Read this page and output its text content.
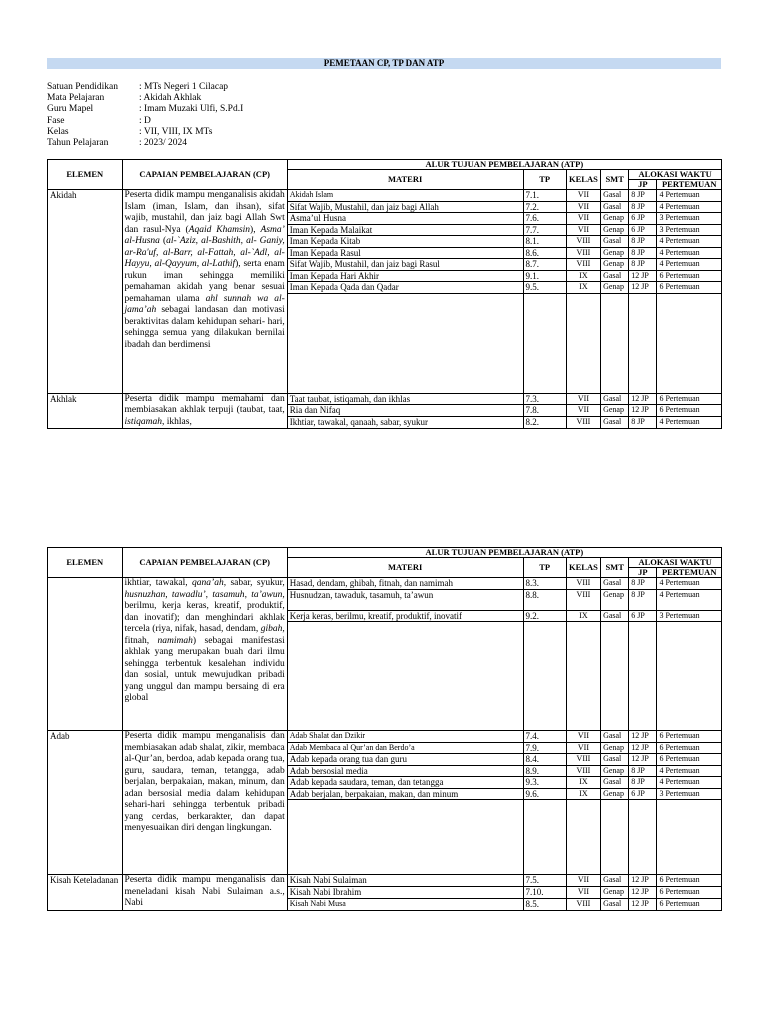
PEMETAAN CP, TP DAN ATP
Satuan Pendidikan	: MTs Negeri 1 Cilacap
Mata Pelajaran	: Akidah Akhlak
Guru Mapel	: Imam Muzaki Ulfi, S.Pd.I
Fase	: D
Kelas	: VII, VIII, IX MTs
Tahun Pelajaran	: 2023/ 2024
ELEMEN	CAPAIAN PEMBELAJARAN (CP)	ALUR TUJUAN PEMBELAJARAN (ATP)					
		MATERI	TP	KELAS	SMT	ALOKASI WAKTU	
						JP	PERTEMUAN
Akidah	Peserta didik mampu menganalisis akidah Islam (iman, Islam, dan ihsan), sifat wajib, mustahil, dan jaiz bagi Allah Swt dan rasul-Nya (Aqaid Khamsin), Asma’ al-Husna (al-`Aziz, al-Bashith, al- Ganiy, ar-Ra'uf, al-Barr, al-Fattah, al-`Adl, al-Hayyu, al-Qayyum, al-Lathif), serta enam rukun iman sehingga memiliki pemahaman akidah yang benar sesuai pemahaman ulama ahl sunnah wa al- jama’ah sebagai landasan dan motivasi beraktivitas dalam kehidupan sehari- hari, sehingga semua yang dilakukan bernilai ibadah dan berdimensi	Akidah Islam	7.1.	VII	Gasal	8 JP	4 Pertemuan
		Sifat Wajib, Mustahil, dan jaiz bagi Allah	7.2.	VII	Gasal	8 JP	4 Pertemuan
		Asma’ul Husna	7.6.	VII	Genap	6 JP	3 Pertemuan
		Iman Kepada Malaikat	7.7.	VII	Genap	6 JP	3 Pertemuan
		Iman Kepada Kitab	8.1.	VIII	Gasal	8 JP	4 Pertemuan
		Iman Kepada Rasul	8.6.	VIII	Genap	8 JP	4 Pertemuan
		Sifat Wajib, Mustahil, dan jaiz bagi Rasul	8.7.	VIII	Genap	8 JP	4 Pertemuan
		Iman Kepada Hari Akhir	9.1.	IX	Gasal	12 JP	6 Pertemuan
		Iman Kepada Qada dan Qadar	9.5.	IX	Genap	12 JP	6 Pertemuan

Akhlak	Peserta didik mampu memahami dan membiasakan akhlak terpuji (taubat, taat, istiqamah, ikhlas,	Taat taubat, istiqamah, dan ikhlas	7.3.	VII	Gasal	12 JP	6 Pertemuan
		Ria dan Nifaq	7.8.	VII	Genap	12 JP	6 Pertemuan
		Ikhtiar, tawakal, qanaah, sabar, syukur	8.2.	VIII	Gasal	8 JP	4 Pertemuan
ELEMEN	CAPAIAN PEMBELAJARAN (CP)	ALUR TUJUAN PEMBELAJARAN (ATP)					
		MATERI	TP	KELAS	SMT	ALOKASI WAKTU	
						JP	PERTEMUAN
	ikhtiar, tawakal, qana’ah, sabar, syukur, husnuzhan, tawadlu’, tasamuh, ta’awun, berilmu, kerja keras, kreatif, produktif, dan inovatif); dan menghindari akhlak tercela (riya, nifak, hasad, dendam, gibah, fitnah, namimah) sebagai manifestasi akhlak yang merupakan buah dari ilmu sehingga terbentuk kesalehan individu dan sosial, untuk mewujudkan pribadi yang unggul dan mampu bersaing di era global	Hasad, dendam, ghibah, fitnah, dan namimah	8.3.	VIII	Gasal	8 JP	4 Pertemuan
		Husnudzan, tawaduk, tasamuh, ta’awun	8.8.	VIII	Genap	8 JP	4 Pertemuan
		Kerja keras, berilmu, kreatif, produktif, inovatif	9.2.	IX	Gasal	6 JP	3 Pertemuan

Adab	Peserta didik mampu menganalisis dan membiasakan adab shalat, zikir, membaca al-Qur’an, berdoa, adab kepada orang tua, guru, saudara, teman, tetangga, adab berjalan, berpakaian, makan, minum, dan adan bersosial media dalam kehidupan sehari-hari sehingga terbentuk pribadi yang cerdas, berkarakter, dan dapat menyesuaikan diri dengan lingkungan.	Adab Shalat dan Dzikir	7.4.	VII	Gasal	12 JP	6 Pertemuan
		Adab Membaca al Qur’an dan Berdo’a	7.9.	VII	Genap	12 JP	6 Pertemuan
		Adab kepada orang tua dan guru	8.4.	VIII	Gasal	12 JP	6 Pertemuan
		Adab bersosial media	8.9.	VIII	Genap	8 JP	4 Pertemuan
		Adab kepada saudara, teman, dan tetangga	9.3.	IX	Gasal	8 JP	4 Pertemuan
		Adab berjalan, berpakaian, makan, dan minum	9.6.	IX	Genap	6 JP	3 Pertemuan

Kisah Keteladanan	Peserta didik mampu menganalisis dan meneladani kisah Nabi Sulaiman a.s., Nabi	Kisah Nabi Sulaiman	7.5.	VII	Gasal	12 JP	6 Pertemuan
		Kisah Nabi Ibrahim	7.10.	VII	Genap	12 JP	6 Pertemuan
		Kisah Nabi Musa	8.5.	VIII	Gasal	12 JP	6 Pertemuan
